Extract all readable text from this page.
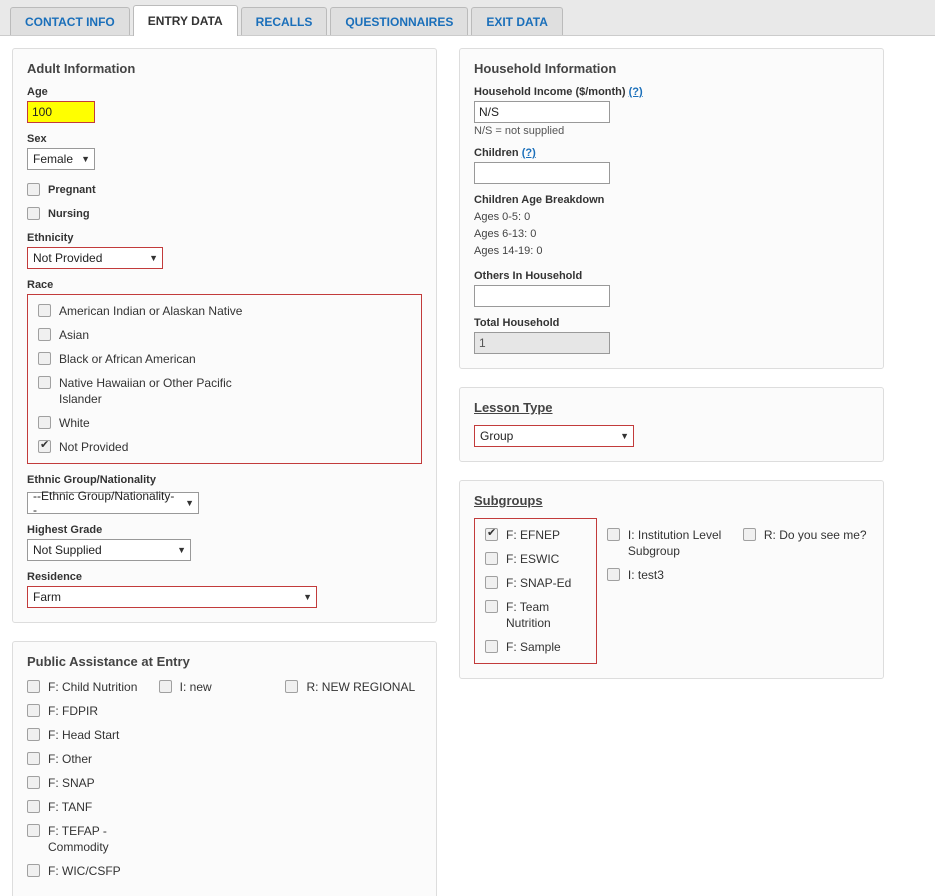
CONTACT INFO	ENTRY DATA	RECALLS	QUESTIONNAIRES	EXIT DATA
Adult Information
Age
100
Sex
Female ▼
Pregnant
Nursing
Ethnicity
Not Provided	▼
Race
American Indian or Alaskan Native
Asian
Black or African American
Native Hawaiian or Other Pacific Islander
White
✔
Not Provided
Ethnic Group/Nationality
--Ethnic Group/Nationality--	▼
Highest Grade
Not Supplied	▼
Residence
Farm	▼
Public Assistance at Entry
F: Child Nutrition
F: FDPIR
F: Head Start
F: Other
F: SNAP
F: TANF
F: TEFAP - Commodity
F: WIC/CSFP
I: new	R: NEW REGIONAL
Household Information
Household Income ($/month) (?)
N/S
N/S = not supplied
Children (?)
Children Age Breakdown
Ages 0-5: 0
Ages 6-13: 0
Ages 14-19: 0
Others In Household
Total Household
1
Lesson Type
Group	▼
Subgroups
✔
F: EFNEP
F: ESWIC
F: SNAP-Ed
F: Team Nutrition
F: Sample
I: Institution Level Subgroup
I: test3
R: Do you see me?
